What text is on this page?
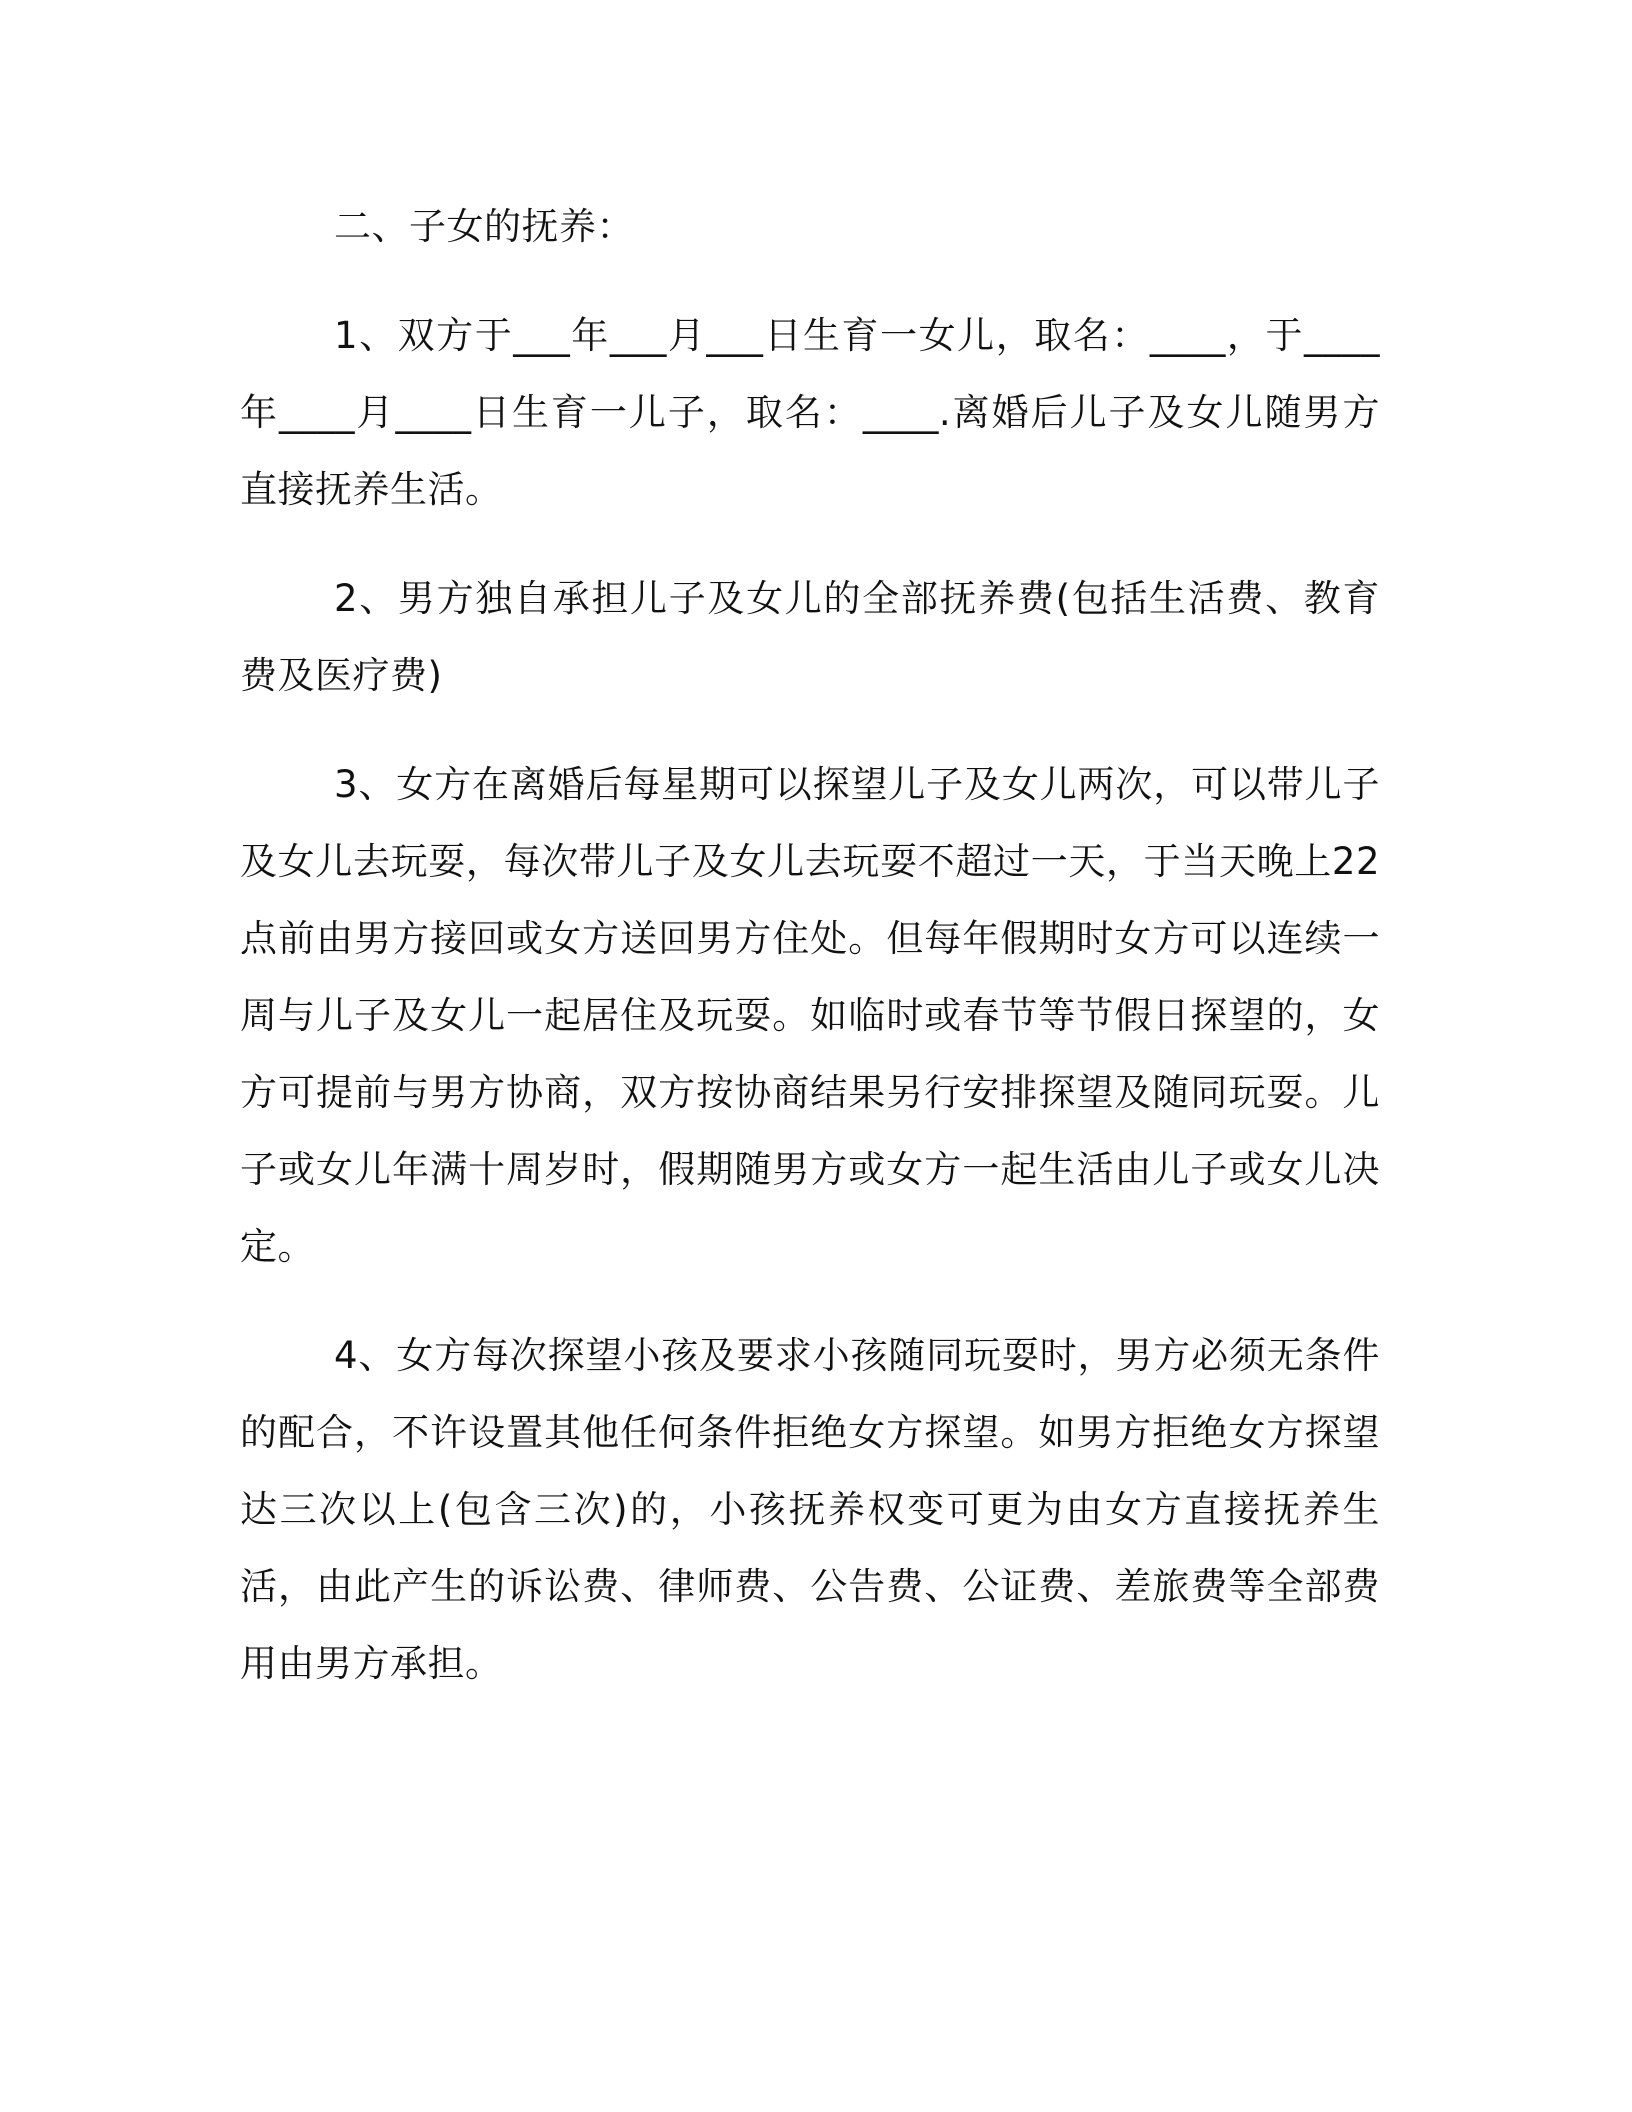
二、子女的抚养：

1、双方于___年___月___日生育一女儿，取名：____，于____年____月____日生育一儿子，取名：____.离婚后儿子及女儿随男方直接抚养生活。

2、男方独自承担儿子及女儿的全部抚养费(包括生活费、教育费及医疗费)

3、女方在离婚后每星期可以探望儿子及女儿两次，可以带儿子及女儿去玩耍，每次带儿子及女儿去玩耍不超过一天，于当天晚上22点前由男方接回或女方送回男方住处。但每年假期时女方可以连续一周与儿子及女儿一起居住及玩耍。如临时或春节等节假日探望的，女方可提前与男方协商，双方按协商结果另行安排探望及随同玩耍。儿子或女儿年满十周岁时，假期随男方或女方一起生活由儿子或女儿决定。

4、女方每次探望小孩及要求小孩随同玩耍时，男方必须无条件的配合，不许设置其他任何条件拒绝女方探望。如男方拒绝女方探望达三次以上(包含三次)的，小孩抚养权变可更为由女方直接抚养生活，由此产生的诉讼费、律师费、公告费、公证费、差旅费等全部费用由男方承担。
